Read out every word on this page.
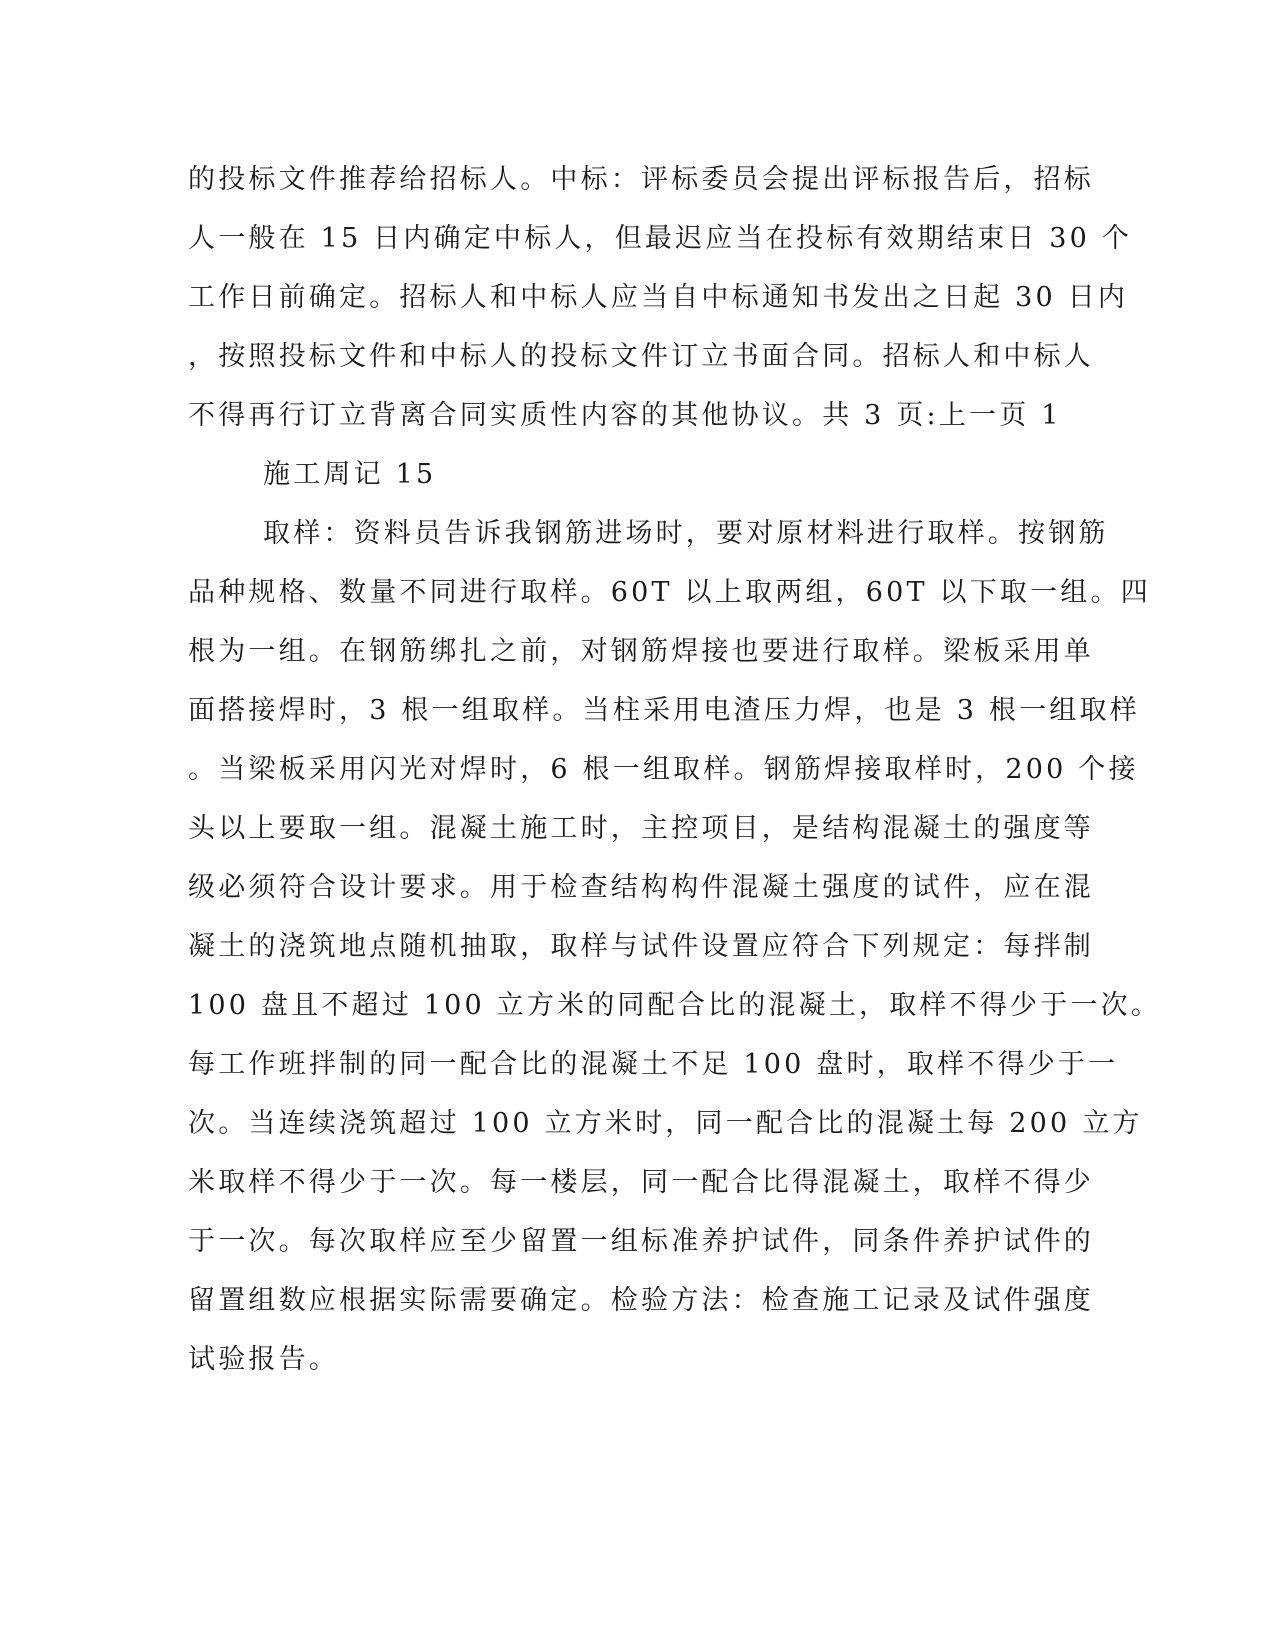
的投标文件推荐给招标人。中标：评标委员会提出评标报告后，招标
人一般在 15 日内确定中标人，但最迟应当在投标有效期结束日 30 个
工作日前确定。招标人和中标人应当自中标通知书发出之日起 30 日内
，按照投标文件和中标人的投标文件订立书面合同。招标人和中标人
不得再行订立背离合同实质性内容的其他协议。共 3 页:上一页 1
施工周记 15
取样：资料员告诉我钢筋进场时，要对原材料进行取样。按钢筋
品种规格、数量不同进行取样。60T 以上取两组，60T 以下取一组。四
根为一组。在钢筋绑扎之前，对钢筋焊接也要进行取样。梁板采用单
面搭接焊时，3 根一组取样。当柱采用电渣压力焊，也是 3 根一组取样
。当梁板采用闪光对焊时，6 根一组取样。钢筋焊接取样时，200 个接
头以上要取一组。混凝土施工时，主控项目，是结构混凝土的强度等
级必须符合设计要求。用于检查结构构件混凝土强度的试件，应在混
凝土的浇筑地点随机抽取，取样与试件设置应符合下列规定：每拌制
100 盘且不超过 100 立方米的同配合比的混凝土，取样不得少于一次。
每工作班拌制的同一配合比的混凝土不足 100 盘时，取样不得少于一
次。当连续浇筑超过 100 立方米时，同一配合比的混凝土每 200 立方
米取样不得少于一次。每一楼层，同一配合比得混凝土，取样不得少
于一次。每次取样应至少留置一组标准养护试件，同条件养护试件的
留置组数应根据实际需要确定。检验方法：检查施工记录及试件强度
试验报告。
